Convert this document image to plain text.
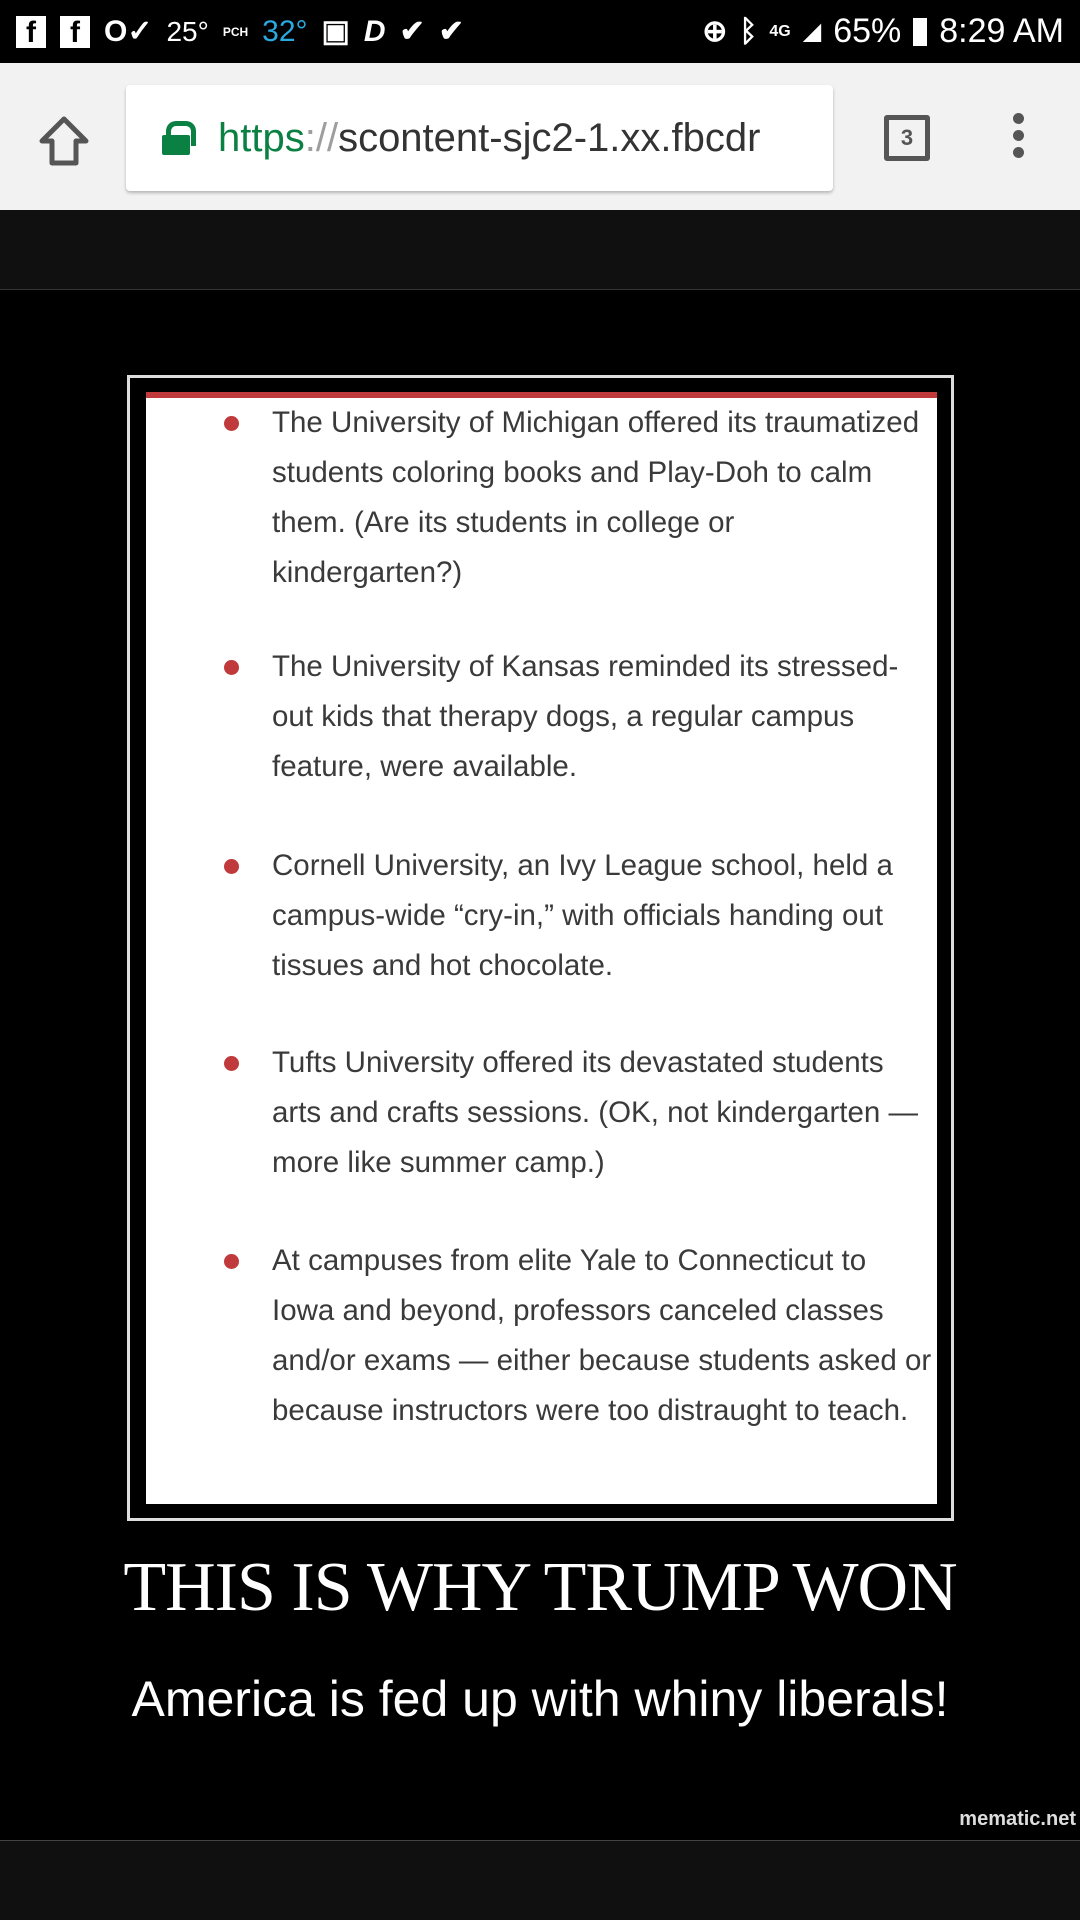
f	f O✓ 25° PCH 32° ▣ D ✔ ✔	⊕ ᛒ 4G ◢ 65% 8:29 AM
https :// scontent-sjc2-1.xx.fbcdr	3
The University of Michigan offered its traumatized students coloring books and Play-Doh to calm them. (Are its students in college or kindergarten?)
The University of Kansas reminded its stressed-out kids that therapy dogs, a regular campus feature, were available.
Cornell University, an Ivy League school, held a campus-wide “cry-in,” with officials handing out tissues and hot chocolate.
Tufts University offered its devastated students arts and crafts sessions. (OK, not kindergarten — more like summer camp.)
At campuses from elite Yale to Connecticut to Iowa and beyond, professors canceled classes and/or exams — either because students asked or because instructors were too distraught to teach.
THIS IS WHY TRUMP WON
America is fed up with whiny liberals!
mematic.net
